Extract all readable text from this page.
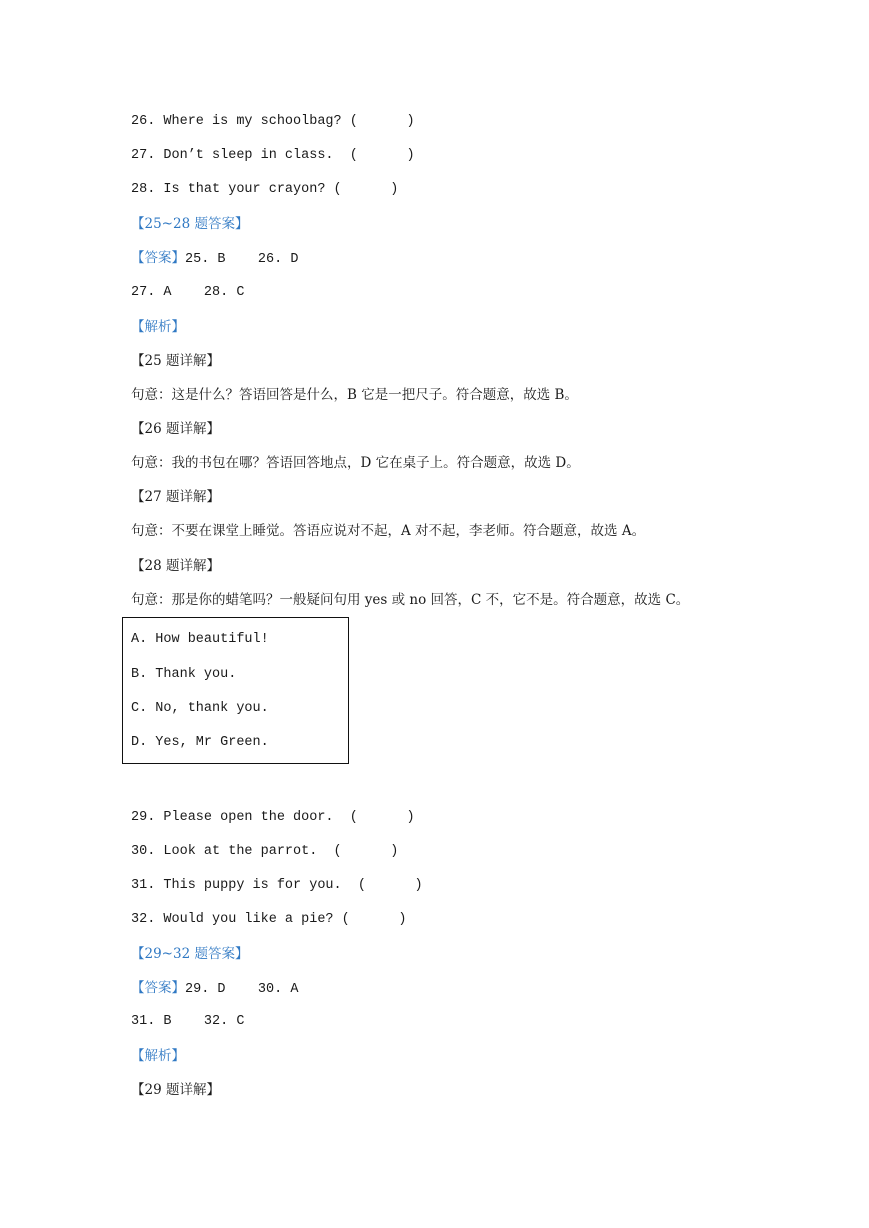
26. Where is my schoolbag? (      )
27. Don’t sleep in class.  (      )
28. Is that your crayon? (      )
【25~28 题答案】
【答案】25. B    26. D
27. A    28. C
【解析】
【25 题详解】
句意：这是什么？答语回答是什么，B 它是一把尺子。符合题意，故选 B。
【26 题详解】
句意：我的书包在哪？答语回答地点，D 它在桌子上。符合题意，故选 D。
【27 题详解】
句意：不要在课堂上睡觉。答语应说对不起，A 对不起，李老师。符合题意，故选 A。
【28 题详解】
句意：那是你的蜡笔吗？一般疑问句用 yes 或 no 回答，C 不，它不是。符合题意，故选 C。
A. How beautiful!
B. Thank you.
C. No, thank you.
D. Yes, Mr Green.
29. Please open the door.  (      )
30. Look at the parrot.  (      )
31. This puppy is for you.  (      )
32. Would you like a pie? (      )
【29~32 题答案】
【答案】29. D    30. A
31. B    32. C
【解析】
【29 题详解】
